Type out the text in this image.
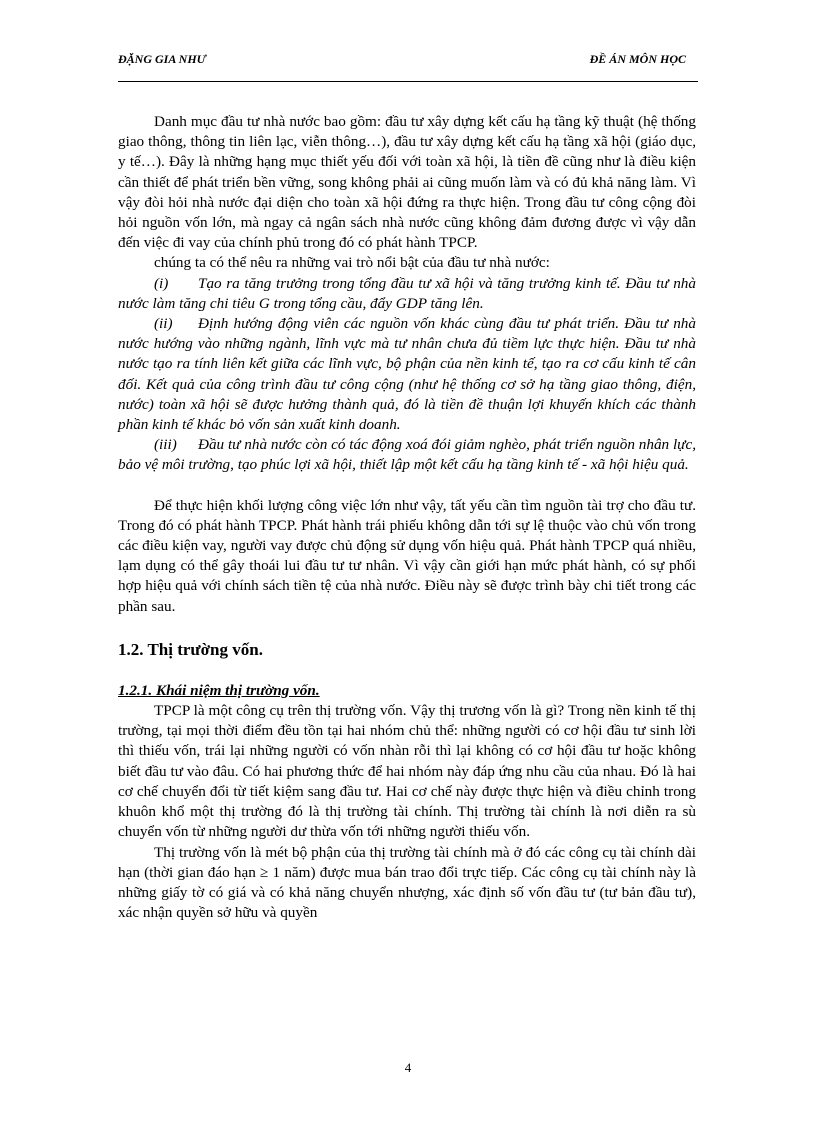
ĐẶNG GIA NHƯ	ĐỀ ÁN MÔN HỌC

Danh mục đầu tư nhà nước bao gồm: đầu tư xây dựng kết cấu hạ tầng kỹ thuật (hệ thống giao thông, thông tin liên lạc, viễn thông…), đầu tư xây dựng kết cấu hạ tầng xã hội (giáo dục, y tế…). Đây là những hạng mục thiết yếu đối với toàn xã hội, là tiền đề cũng như là điều kiện cần thiết để phát triển bền vững, song không phải ai cũng muốn làm và có đủ khả năng làm. Vì vậy đòi hỏi nhà nước đại diện cho toàn xã hội đứng ra thực hiện. Trong đầu tư công cộng đòi hỏi nguồn vốn lớn, mà ngay cả ngân sách nhà nước cũng không đảm đương được vì vậy dẫn đến việc đi vay của chính phủ trong đó có phát hành TPCP.

chúng ta có thể nêu ra những vai trò nổi bật của đầu tư nhà nước:

(i) Tạo ra tăng trưởng trong tổng đầu tư xã hội và tăng trưởng kinh tế. Đầu tư nhà nước làm tăng chi tiêu G trong tổng cầu, đẩy GDP tăng lên.

(ii) Định hướng động viên các nguồn vốn khác cùng đầu tư phát triển. Đầu tư nhà nước hướng vào những ngành, lĩnh vực mà tư nhân chưa đủ tiềm lực thực hiện. Đầu tư nhà nước tạo ra tính liên kết giữa các lĩnh vực, bộ phận của nền kinh tế, tạo ra cơ cấu kinh tế cân đối. Kết quả của công trình đầu tư công cộng (như hệ thống cơ sở hạ tầng giao thông, điện, nước) toàn xã hội sẽ được hưởng thành quả, đó là tiền đề thuận lợi khuyến khích các thành phần kinh tế khác bỏ vốn sản xuất kinh doanh.

(iii) Đầu tư nhà nước còn có tác động xoá đói giảm nghèo, phát triển nguồn nhân lực, bảo vệ môi trường, tạo phúc lợi xã hội, thiết lập một kết cấu hạ tầng kinh tế - xã hội hiệu quả.

Để thực hiện khối lượng công việc lớn như vậy, tất yếu cần tìm nguồn tài trợ cho đầu tư. Trong đó có phát hành TPCP. Phát hành trái phiếu không dẫn tới sự lệ thuộc vào chủ vốn trong các điều kiện vay, người vay được chủ động sử dụng vốn hiệu quả. Phát hành TPCP quá nhiều, lạm dụng có thể gây thoái lui đầu tư tư nhân. Vì vậy cần giới hạn mức phát hành, có sự phối hợp hiệu quả với chính sách tiền tệ của nhà nước. Điều này sẽ được trình bày chi tiết trong các phần sau.

1.2. Thị trường vốn.
1.2.1. Khái niệm thị trường vốn.

TPCP là một công cụ trên thị trường vốn. Vậy thị trương vốn là gì? Trong nền kinh tế thị trường, tại mọi thời điểm đều tồn tại hai nhóm chủ thể: những người có cơ hội đầu tư sinh lời thì thiếu vốn, trái lại những người có vốn nhàn rỗi thì lại không có cơ hội đầu tư hoặc không biết đầu tư vào đâu. Có hai phương thức để hai nhóm này đáp ứng nhu cầu của nhau. Đó là hai cơ chế chuyển đổi từ tiết kiệm sang đầu tư. Hai cơ chế này được thực hiện và điều chỉnh trong khuôn khổ một thị trường đó là thị trường tài chính. Thị trường tài chính là nơi diễn ra sù chuyển vốn từ những người dư thừa vốn tới những người thiếu vốn.

Thị trường vốn là mét bộ phận của thị trường tài chính mà ở đó các công cụ tài chính dài hạn (thời gian đáo hạn ≥ 1 năm) được mua bán trao đổi trực tiếp. Các công cụ tài chính này là những giấy tờ có giá và có khả năng chuyển nhượng, xác định số vốn đầu tư (tư bản đầu tư), xác nhận quyền sở hữu và quyền

4
